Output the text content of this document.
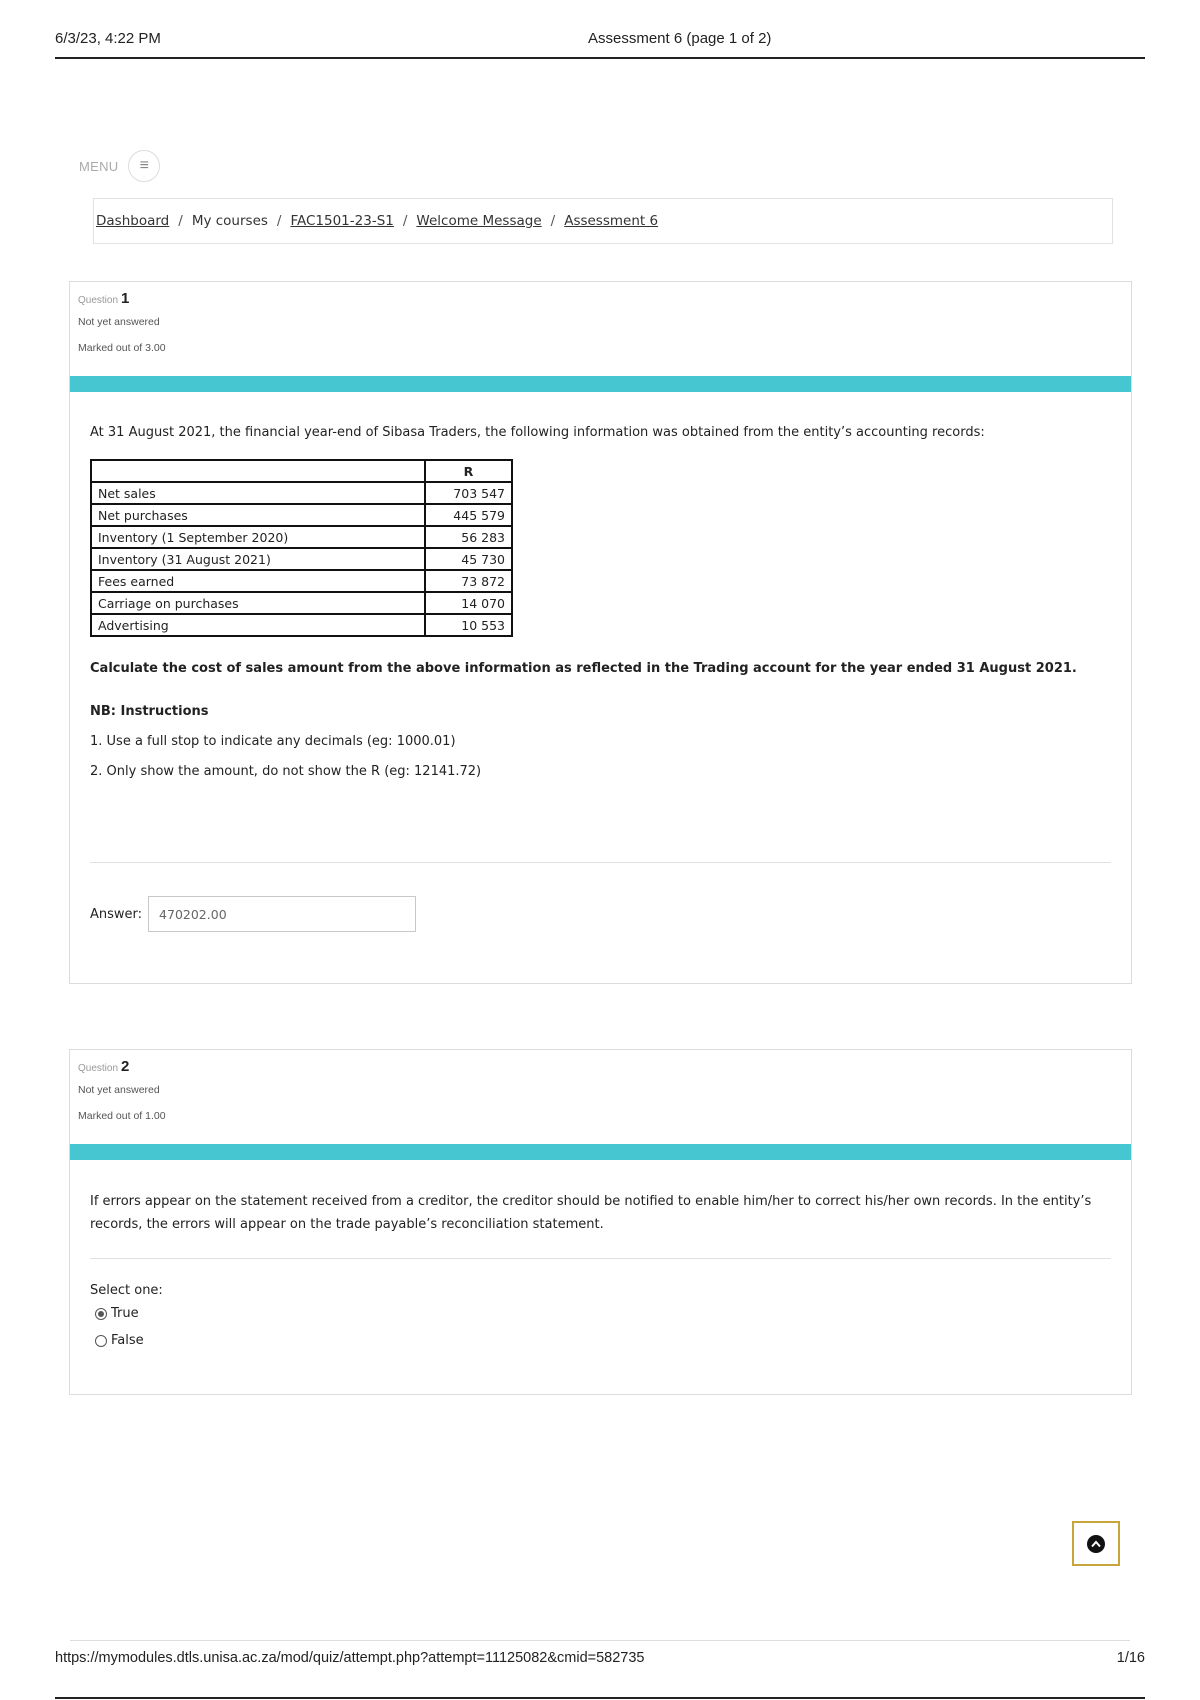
6/3/23, 4:22 PM	Assessment 6 (page 1 of 2)
MENU	≡
Dashboard / My courses / FAC1501-23-S1 / Welcome Message / Assessment 6
Question 1
Not yet answered
Marked out of 3.00

At 31 August 2021, the financial year-end of Sibasa Traders, the following information was obtained from the entity’s accounting records:

	R
Net sales	703 547
Net purchases	445 579
Inventory (1 September 2020)	56 283
Inventory (31 August 2021)	45 730
Fees earned	73 872
Carriage on purchases	14 070
Advertising	10 553

Calculate the cost of sales amount from the above information as reflected in the Trading account for the year ended 31 August 2021.

NB: Instructions

1. Use a full stop to indicate any decimals (eg: 1000.01)

2. Only show the amount, do not show the R (eg: 12141.72)

Answer:
470202.00
Question 2
Not yet answered
Marked out of 1.00

If errors appear on the statement received from a creditor, the creditor should be notified to enable him/her to correct his/her own records. In the entity’s records, the errors will appear on the trade payable’s reconciliation statement.

Select one:

True
False
https://mymodules.dtls.unisa.ac.za/mod/quiz/attempt.php?attempt=11125082&cmid=582735	1/16
